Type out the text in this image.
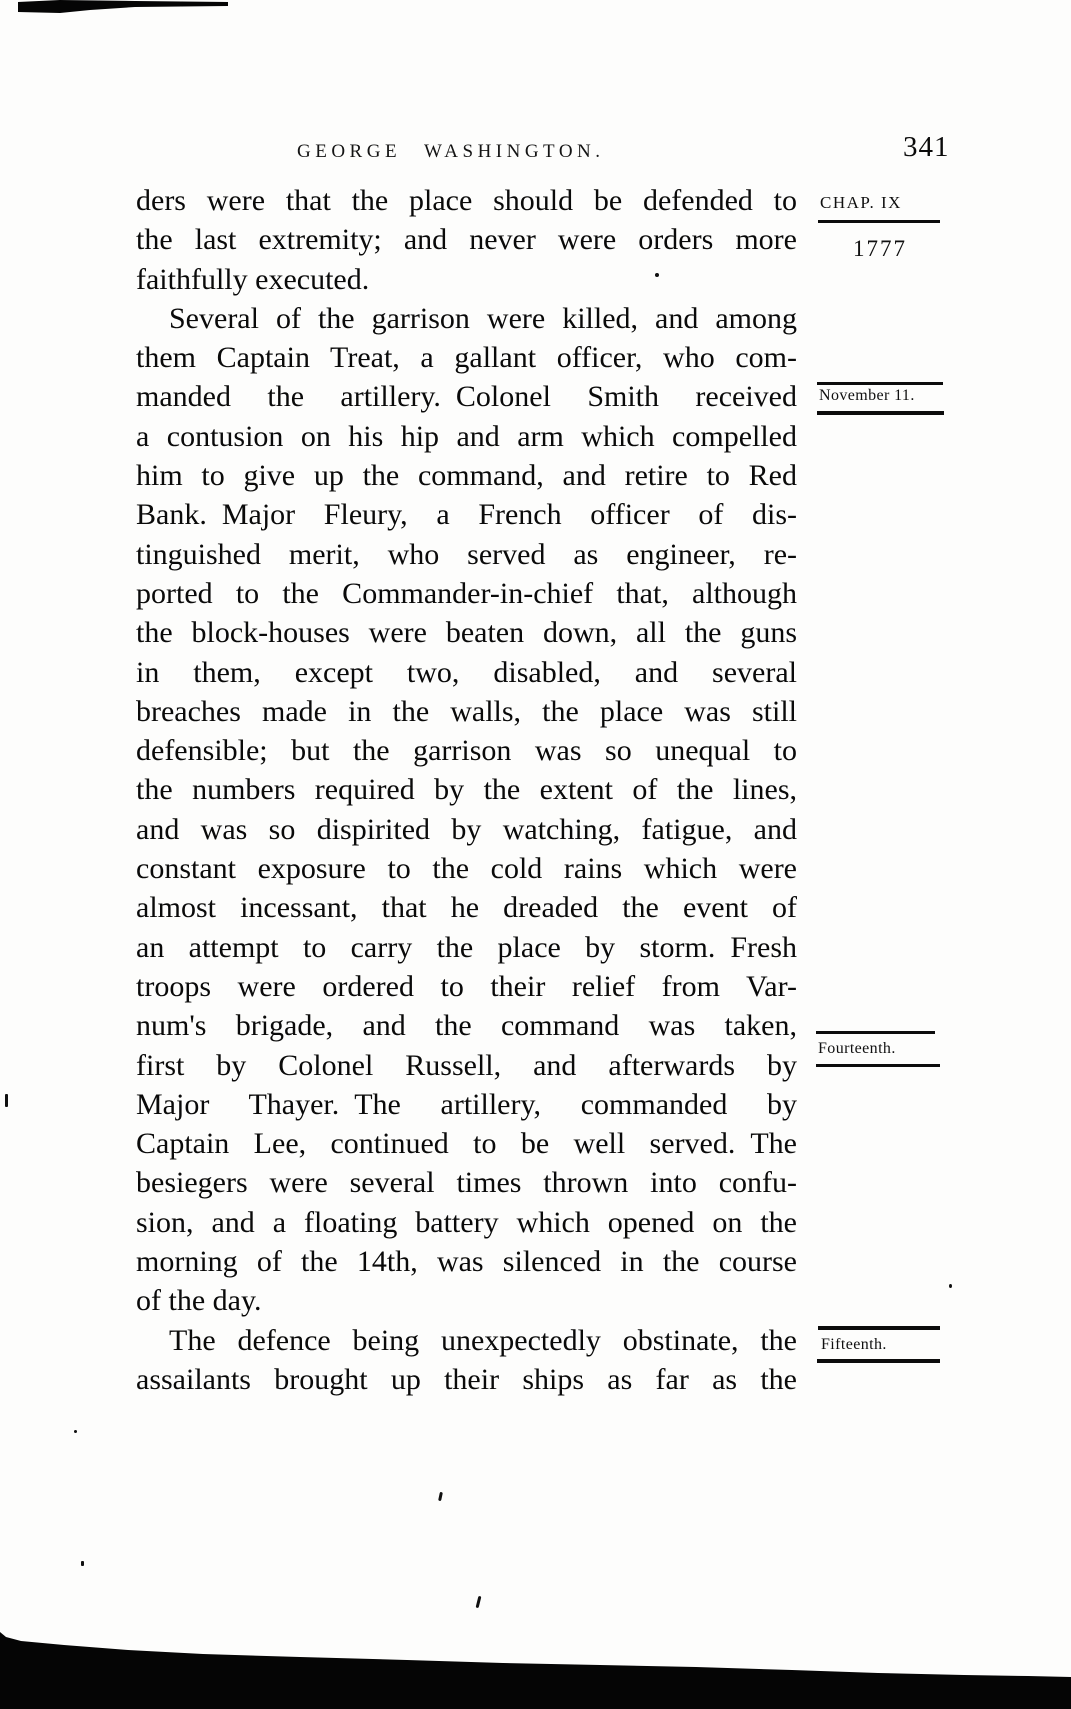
GEORGE WASHINGTON.	341
ders were that the place should be defended to
the last extremity; and never were orders more
faithfully executed.
Several of the garrison were killed, and among
them Captain Treat, a gallant officer, who com-
manded the artillery. Colonel Smith received
a contusion on his hip and arm which compelled
him to give up the command, and retire to Red
Bank. Major Fleury, a French officer of dis-
tinguished merit, who served as engineer, re-
ported to the Commander-in-chief that, although
the block-houses were beaten down, all the guns
in them, except two, disabled, and several
breaches made in the walls, the place was still
defensible; but the garrison was so unequal to
the numbers required by the extent of the lines,
and was so dispirited by watching, fatigue, and
constant exposure to the cold rains which were
almost incessant, that he dreaded the event of
an attempt to carry the place by storm. Fresh
troops were ordered to their relief from Var-
num's brigade, and the command was taken,
first by Colonel Russell, and afterwards by
Major Thayer. The artillery, commanded by
Captain Lee, continued to be well served. The
besiegers were several times thrown into confu-
sion, and a floating battery which opened on the
morning of the 14th, was silenced in the course
of the day.
The defence being unexpectedly obstinate, the
assailants brought up their ships as far as the
CHAP. IX
1777
November 11.
Fourteenth.
Fifteenth.
